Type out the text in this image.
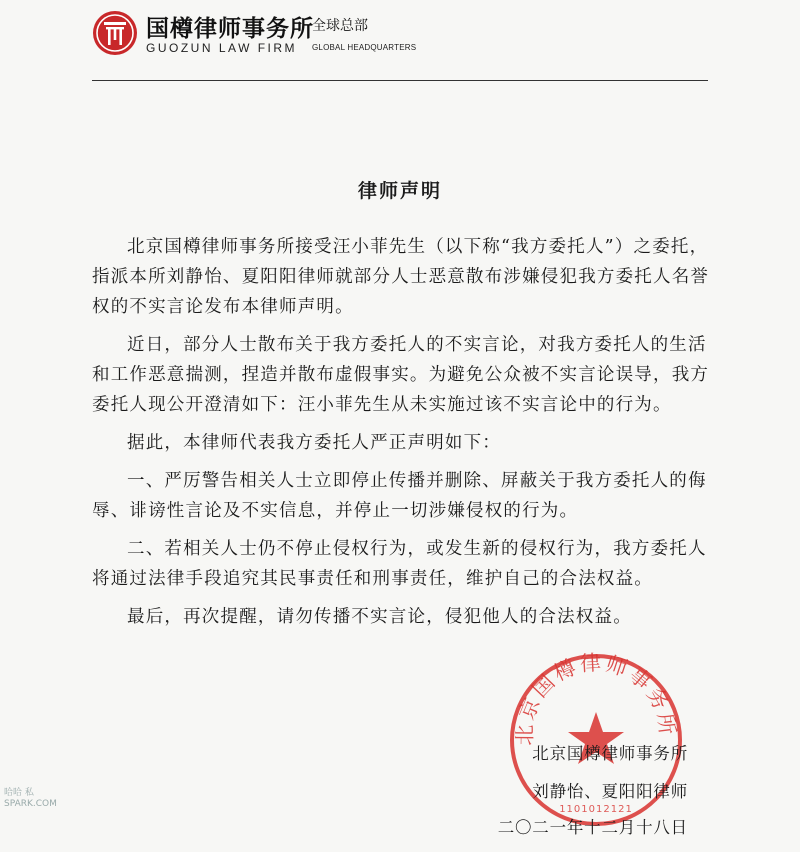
国樽律师事务所
全球总部
GUOZUN LAW FIRM GLOBAL HEADQUARTERS
律师声明

北京国樽律师事务所接受汪小菲先生（以下称“我方委托人”）之委托，指派本所刘静怡、夏阳阳律师就部分人士恶意散布涉嫌侵犯我方委托人名誉权的不实言论发布本律师声明。

近日，部分人士散布关于我方委托人的不实言论，对我方委托人的生活和工作恶意揣测，捏造并散布虚假事实。为避免公众被不实言论误导，我方委托人现公开澄清如下：汪小菲先生从未实施过该不实言论中的行为。

据此，本律师代表我方委托人严正声明如下：

一、严厉警告相关人士立即停止传播并删除、屏蔽关于我方委托人的侮辱、诽谤性言论及不实信息，并停止一切涉嫌侵权的行为。

二、若相关人士仍不停止侵权行为，或发生新的侵权行为，我方委托人将通过法律手段追究其民事责任和刑事责任，维护自己的合法权益。

最后，再次提醒，请勿传播不实言论，侵犯他人的合法权益。

北京国樽律师事务所
1101012121
北京国樽律师事务所
刘静怡、夏阳阳律师
二〇二一年十二月十八日
哈哈 私
SPARK.COM
